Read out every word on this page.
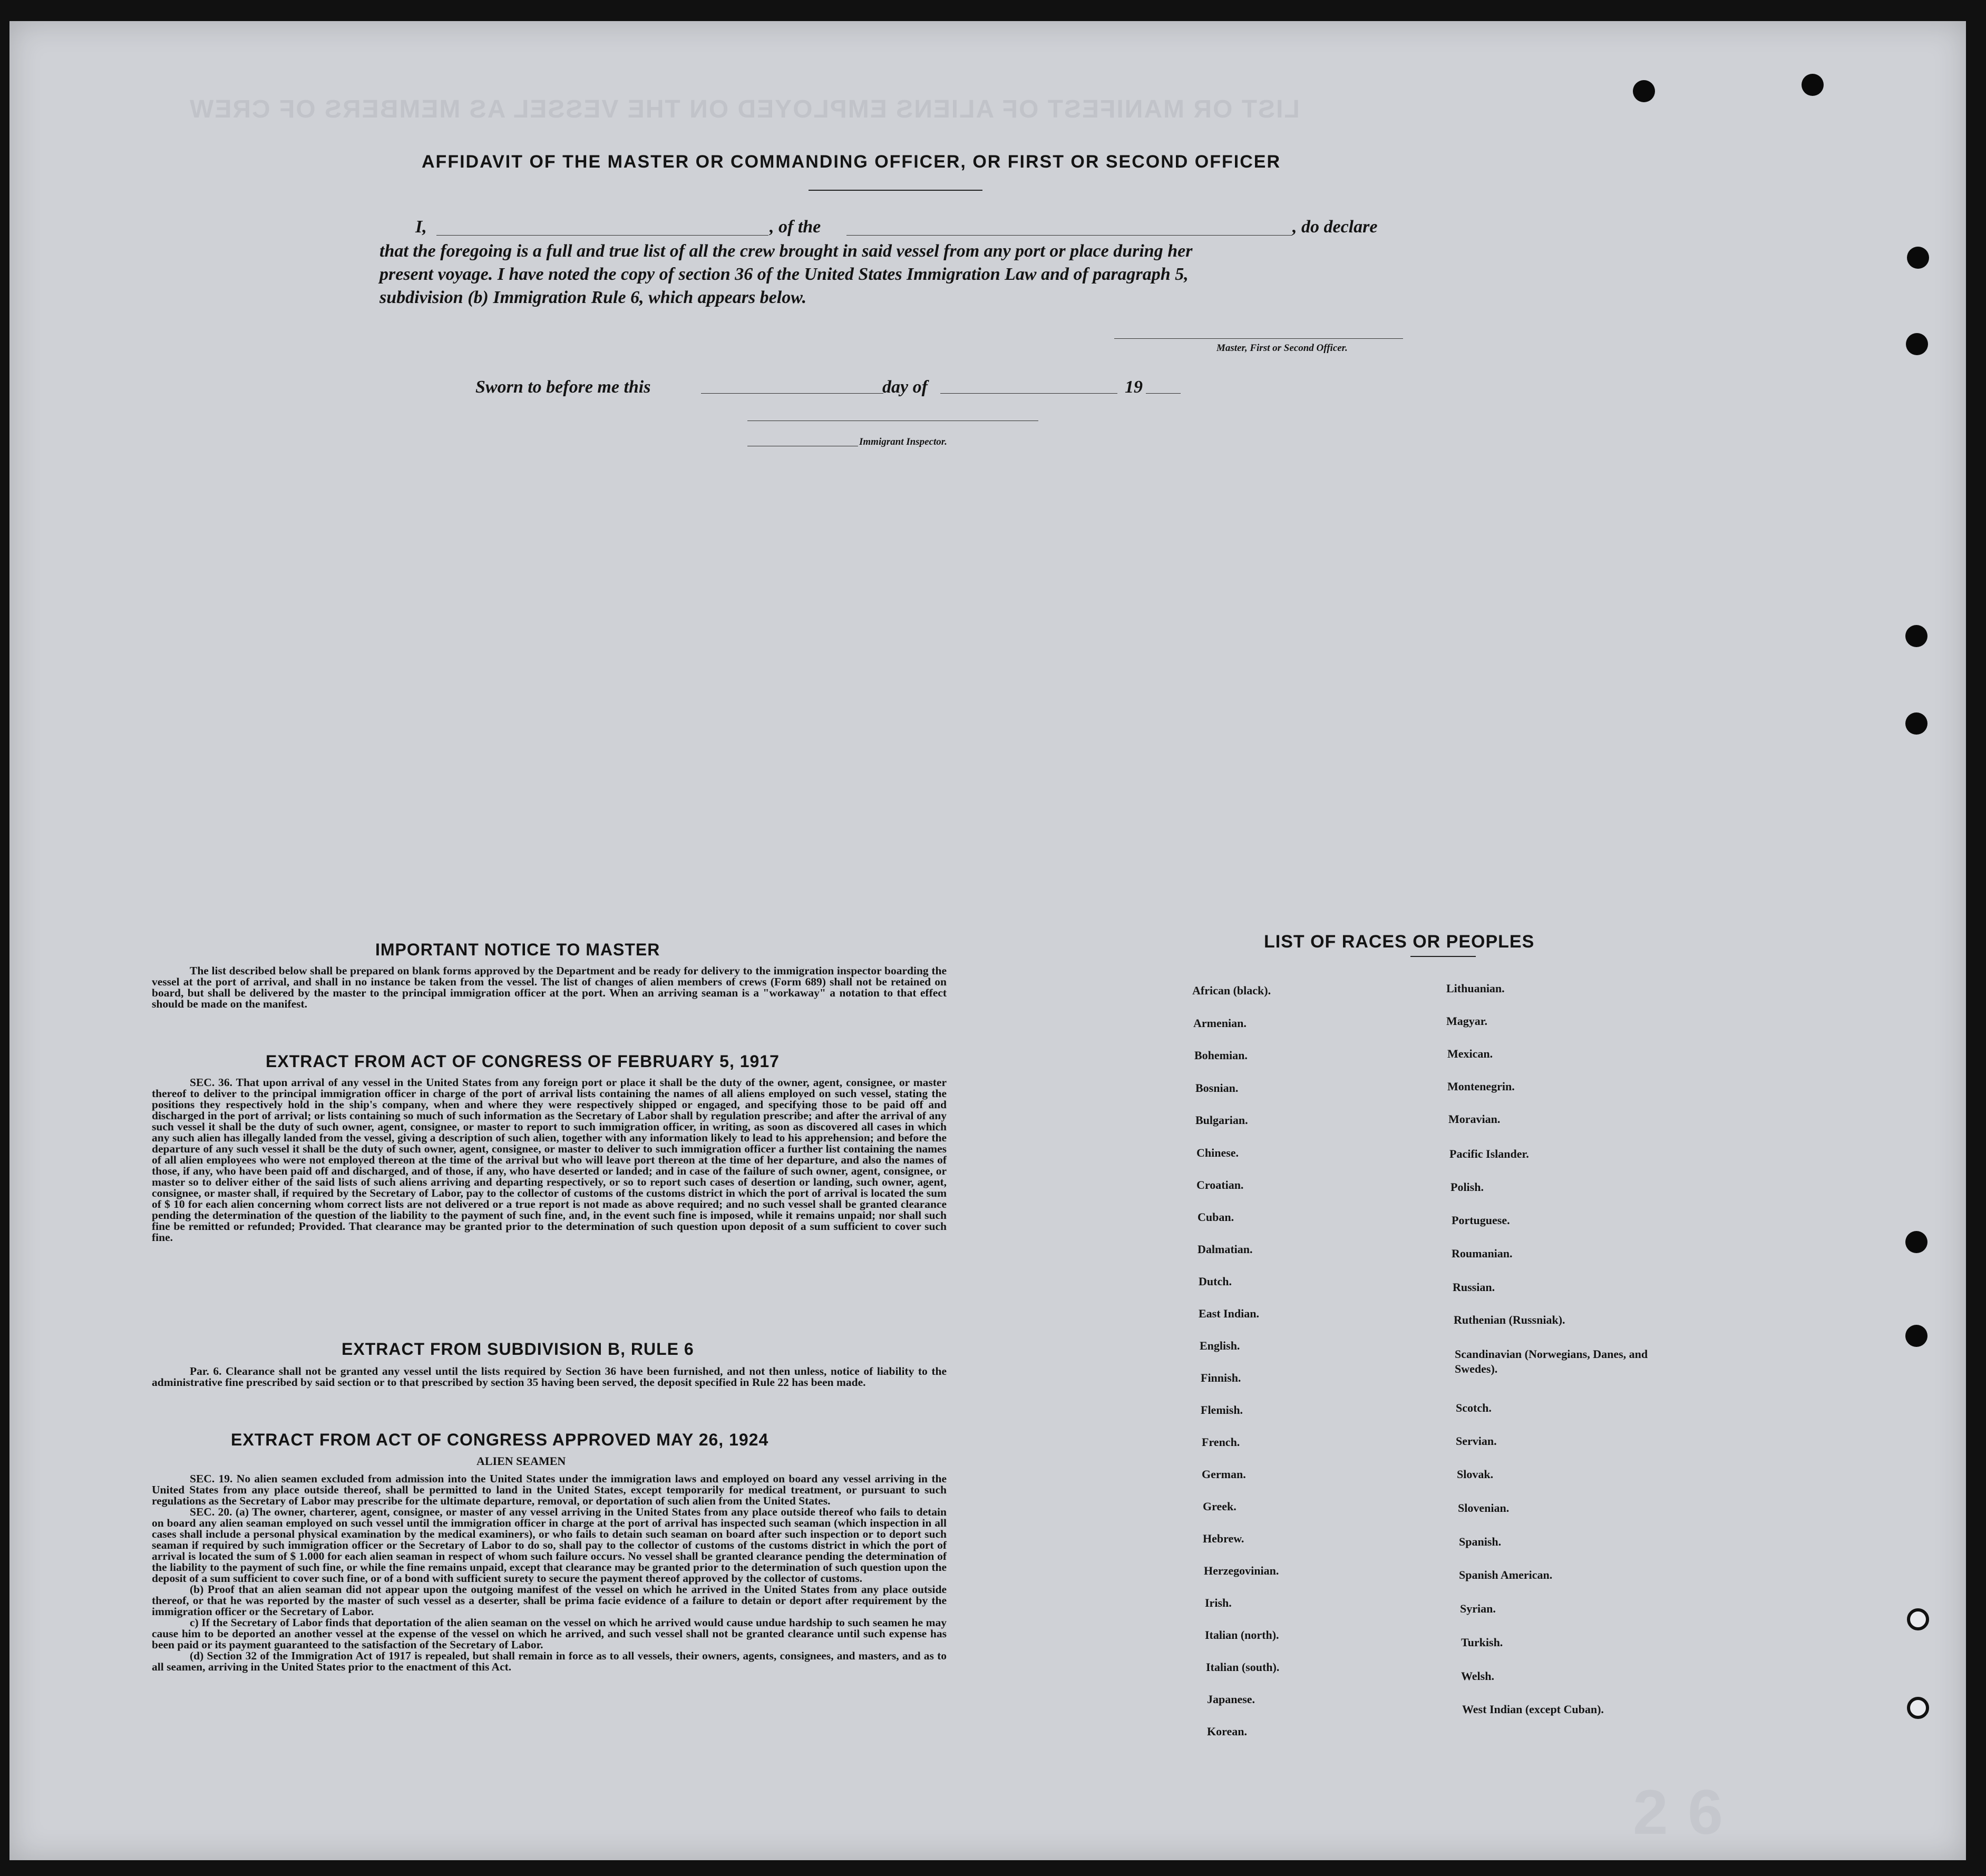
LIST OR MANIFEST OF ALIENS EMPLOYED ON THE VESSEL AS MEMBERS OF CREW
AFFIDAVIT OF THE MASTER OR COMMANDING OFFICER, OR FIRST OR SECOND OFFICER
I,	, of the	, do declare
that the foregoing is a full and true list of all the crew brought in said vessel from any port or place during her
present voyage. I have noted the copy of section 36 of the United States Immigration Law and of paragraph 5,
subdivision (b) Immigration Rule 6, which appears below.
Master, First or Second Officer.
Sworn to before me this	day of	19
Immigrant Inspector.
IMPORTANT NOTICE TO MASTER

The list described below shall be prepared on blank forms approved by the Department and be ready for delivery to the immigration inspector boarding the vessel at the port of arrival, and shall in no instance be taken from the vessel. The list of changes of alien members of crews (Form 689) shall not be retained on board, but shall be delivered by the master to the principal immigration officer at the port. When an arriving seaman is a "workaway" a notation to that effect should be made on the manifest.

EXTRACT FROM ACT OF CONGRESS OF FEBRUARY 5, 1917

SEC. 36. That upon arrival of any vessel in the United States from any foreign port or place it shall be the duty of the owner, agent, consignee, or master thereof to deliver to the principal immigration officer in charge of the port of arrival lists containing the names of all aliens employed on such vessel, stating the positions they respectively hold in the ship's company, when and where they were respectively shipped or engaged, and specifying those to be paid off and discharged in the port of arrival; or lists containing so much of such information as the Secretary of Labor shall by regulation prescribe; and after the arrival of any such vessel it shall be the duty of such owner, agent, consignee, or master to report to such immigration officer, in writing, as soon as discovered all cases in which any such alien has illegally landed from the vessel, giving a description of such alien, together with any information likely to lead to his apprehension; and before the departure of any such vessel it shall be the duty of such owner, agent, consignee, or master to deliver to such immigration officer a further list containing the names of all alien employees who were not employed thereon at the time of the arrival but who will leave port thereon at the time of her departure, and also the names of those, if any, who have been paid off and discharged, and of those, if any, who have deserted or landed; and in case of the failure of such owner, agent, consignee, or master so to deliver either of the said lists of such aliens arriving and departing respectively, or so to report such cases of desertion or landing, such owner, agent, consignee, or master shall, if required by the Secretary of Labor, pay to the collector of customs of the customs district in which the port of arrival is located the sum of $ 10 for each alien concerning whom correct lists are not delivered or a true report is not made as above required; and no such vessel shall be granted clearance pending the determination of the question of the liability to the payment of such fine, and, in the event such fine is imposed, while it remains unpaid; nor shall such fine be remitted or refunded; Provided. That clearance may be granted prior to the determination of such question upon deposit of a sum sufficient to cover such fine.

EXTRACT FROM SUBDIVISION B, RULE 6

Par. 6. Clearance shall not be granted any vessel until the lists required by Section 36 have been furnished, and not then unless, notice of liability to the administrative fine prescribed by said section or to that prescribed by section 35 having been served, the deposit specified in Rule 22 has been made.

EXTRACT FROM ACT OF CONGRESS APPROVED MAY 26, 1924
ALIEN SEAMEN

SEC. 19. No alien seamen excluded from admission into the United States under the immigration laws and employed on board any vessel arriving in the United States from any place outside thereof, shall be permitted to land in the United States, except temporarily for medical treatment, or pursuant to such regulations as the Secretary of Labor may prescribe for the ultimate departure, removal, or deportation of such alien from the United States.

SEC. 20. (a) The owner, charterer, agent, consignee, or master of any vessel arriving in the United States from any place outside thereof who fails to detain on board any alien seaman employed on such vessel until the immigration officer in charge at the port of arrival has inspected such seaman (which inspection in all cases shall include a personal physical examination by the medical examiners), or who fails to detain such seaman on board after such inspection or to deport such seaman if required by such immigration officer or the Secretary of Labor to do so, shall pay to the collector of customs of the customs district in which the port of arrival is located the sum of $ 1.000 for each alien seaman in respect of whom such failure occurs. No vessel shall be granted clearance pending the determination of the liability to the payment of such fine, or while the fine remains unpaid, except that clearance may be granted prior to the determination of such question upon the deposit of a sum sufficient to cover such fine, or of a bond with sufficient surety to secure the payment thereof approved by the collector of customs.

(b) Proof that an alien seaman did not appear upon the outgoing manifest of the vessel on which he arrived in the United States from any place outside thereof, or that he was reported by the master of such vessel as a deserter, shall be prima facie evidence of a failure to detain or deport after requirement by the immigration officer or the Secretary of Labor.

c) If the Secretary of Labor finds that deportation of the alien seaman on the vessel on which he arrived would cause undue hardship to such seamen he may cause him to be deported an another vessel at the expense of the vessel on which he arrived, and such vessel shall not be granted clearance until such expense has been paid or its payment guaranteed to the satisfaction of the Secretary of Labor.

(d) Section 32 of the Immigration Act of 1917 is repealed, but shall remain in force as to all vessels, their owners, agents, consignees, and masters, and as to all seamen, arriving in the United States prior to the enactment of this Act.

LIST OF RACES OR PEOPLES
African (black).
Armenian.
Bohemian.
Bosnian.
Bulgarian.
Chinese.
Croatian.
Cuban.
Dalmatian.
Dutch.
East Indian.
English.
Finnish.
Flemish.
French.
German.
Greek.
Hebrew.
Herzegovinian.
Irish.
Italian (north).
Italian (south).
Japanese.
Korean.
Lithuanian.
Magyar.
Mexican.
Montenegrin.
Moravian.
Pacific Islander.
Polish.
Portuguese.
Roumanian.
Russian.
Ruthenian (Russniak).
Scandinavian (Norwegians, Danes, and Swedes).
Scotch.
Servian.
Slovak.
Slovenian.
Spanish.
Spanish American.
Syrian.
Turkish.
Welsh.
West Indian (except Cuban).
2 6
